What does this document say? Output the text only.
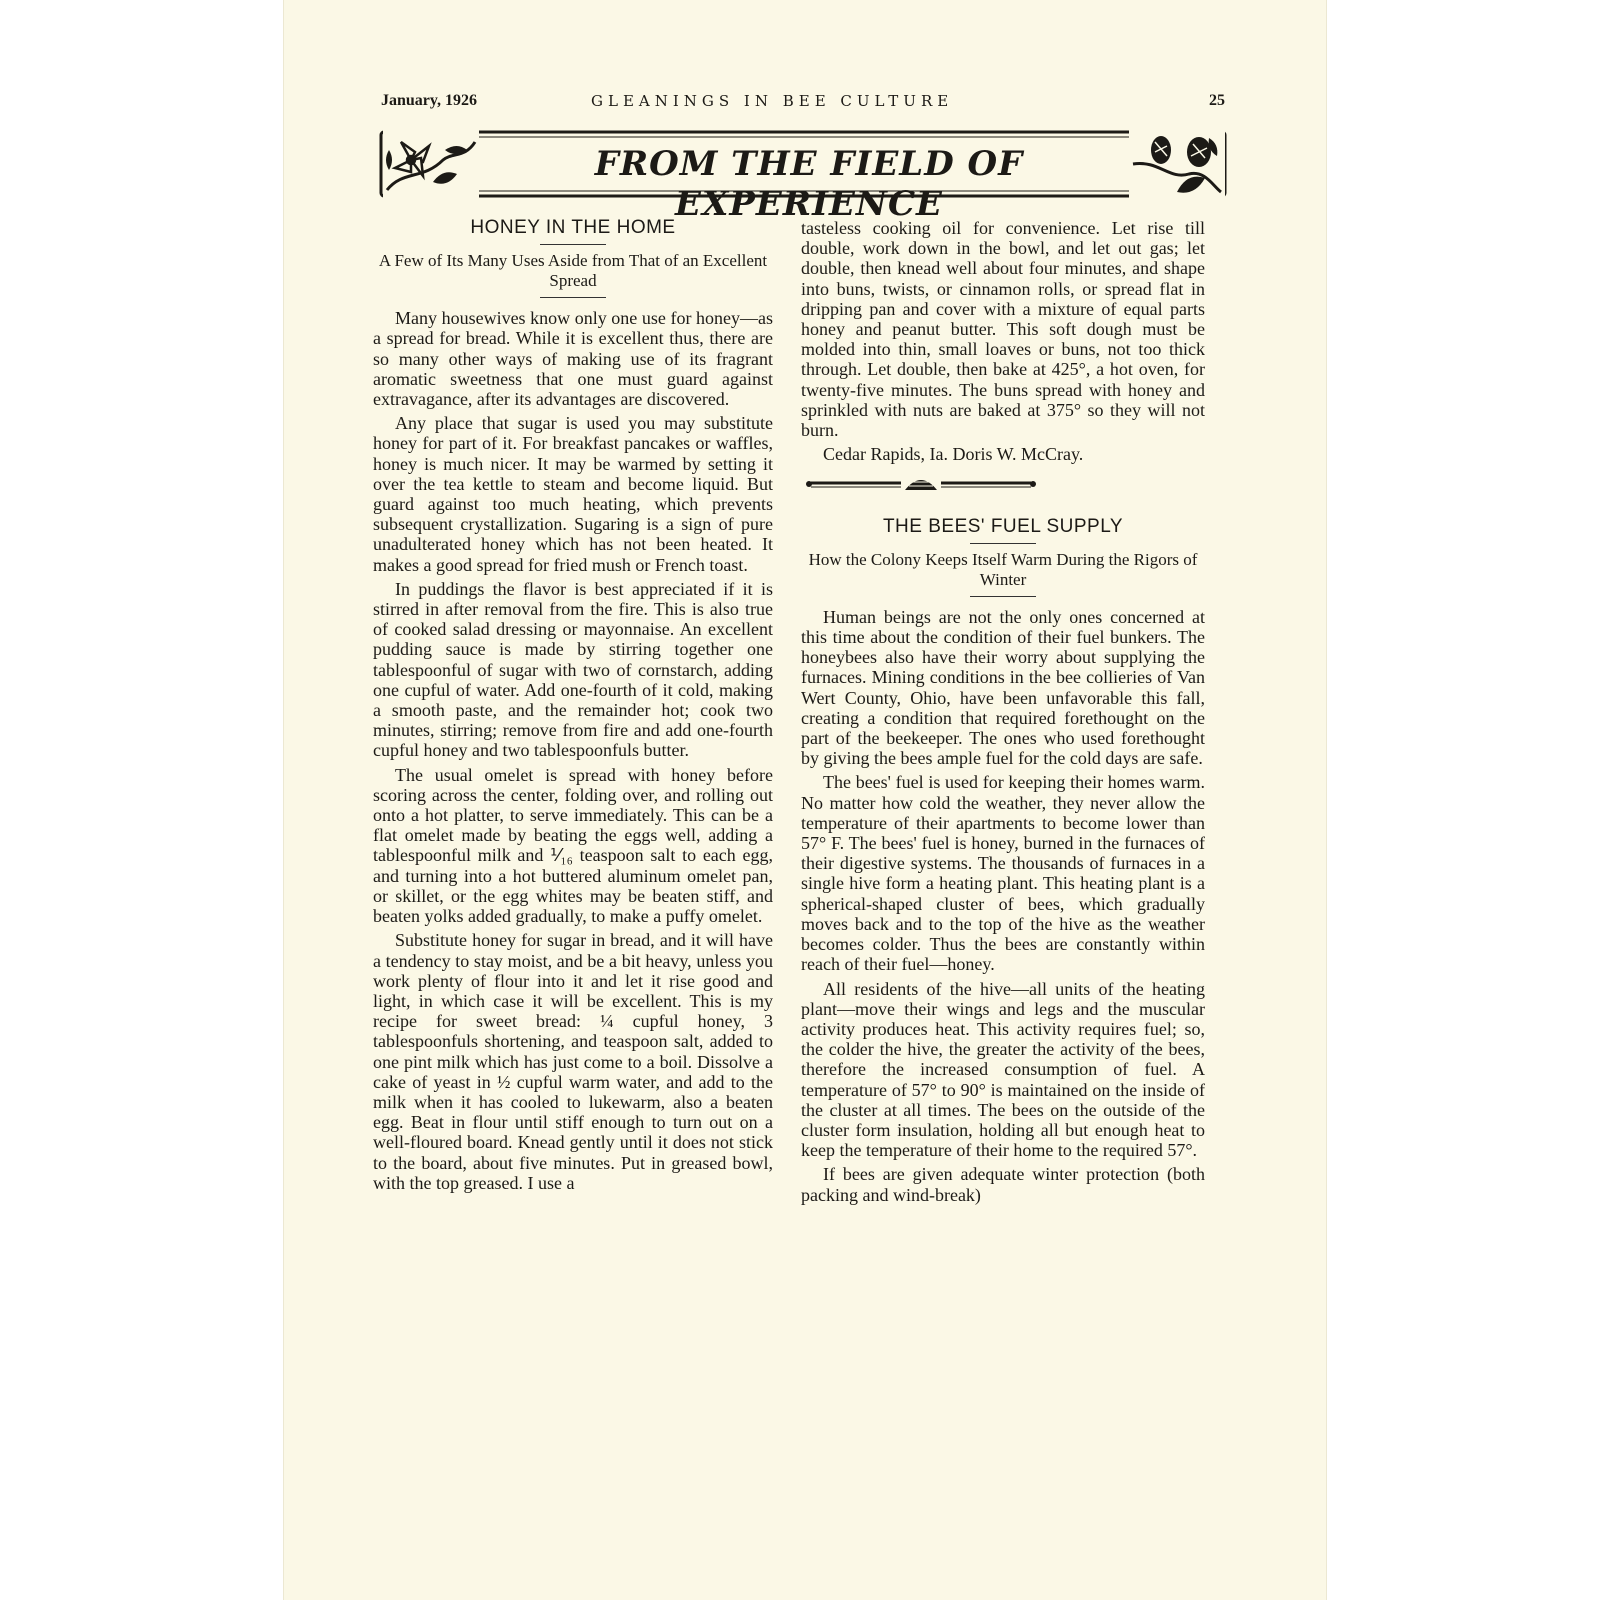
January, 1926	GLEANINGS IN BEE CULTURE	25
FROM THE FIELD OF EXPERIENCE
HONEY IN THE HOME
A Few of Its Many Uses Aside from That of an Excellent Spread

Many housewives know only one use for honey—as a spread for bread. While it is excellent thus, there are so many other ways of making use of its fragrant aromatic sweetness that one must guard against extravagance, after its advantages are discovered.

Any place that sugar is used you may substitute honey for part of it. For breakfast pancakes or waffles, honey is much nicer. It may be warmed by setting it over the tea kettle to steam and become liquid. But guard against too much heating, which prevents subsequent crystallization. Sugaring is a sign of pure unadulterated honey which has not been heated. It makes a good spread for fried mush or French toast.

In puddings the flavor is best appreciated if it is stirred in after removal from the fire. This is also true of cooked salad dressing or mayonnaise. An excellent pudding sauce is made by stirring together one tablespoonful of sugar with two of cornstarch, adding one cupful of water. Add one-fourth of it cold, making a smooth paste, and the remainder hot; cook two minutes, stirring; remove from fire and add one-fourth cupful honey and two tablespoonfuls butter.

The usual omelet is spread with honey before scoring across the center, folding over, and rolling out onto a hot platter, to serve immediately. This can be a flat omelet made by beating the eggs well, adding a tablespoonful milk and ⅟₁₆ teaspoon salt to each egg, and turning into a hot buttered aluminum omelet pan, or skillet, or the egg whites may be beaten stiff, and beaten yolks added gradually, to make a puffy omelet.

Substitute honey for sugar in bread, and it will have a tendency to stay moist, and be a bit heavy, unless you work plenty of flour into it and let it rise good and light, in which case it will be excellent. This is my recipe for sweet bread: ¼ cupful honey, 3 tablespoonfuls shortening, and teaspoon salt, added to one pint milk which has just come to a boil. Dissolve a cake of yeast in ½ cupful warm water, and add to the milk when it has cooled to lukewarm, also a beaten egg. Beat in flour until stiff enough to turn out on a well-floured board. Knead gently until it does not stick to the board, about five minutes. Put in greased bowl, with the top greased. I use a

tasteless cooking oil for convenience. Let rise till double, work down in the bowl, and let out gas; let double, then knead well about four minutes, and shape into buns, twists, or cinnamon rolls, or spread flat in dripping pan and cover with a mixture of equal parts honey and peanut butter. This soft dough must be molded into thin, small loaves or buns, not too thick through. Let double, then bake at 425°, a hot oven, for twenty-five minutes. The buns spread with honey and sprinkled with nuts are baked at 375° so they will not burn.

Cedar Rapids, Ia. Doris W. McCray.

THE BEES' FUEL SUPPLY
How the Colony Keeps Itself Warm During the Rigors of Winter

Human beings are not the only ones concerned at this time about the condition of their fuel bunkers. The honeybees also have their worry about supplying the furnaces. Mining conditions in the bee collieries of Van Wert County, Ohio, have been unfavorable this fall, creating a condition that required forethought on the part of the beekeeper. The ones who used forethought by giving the bees ample fuel for the cold days are safe.

The bees' fuel is used for keeping their homes warm. No matter how cold the weather, they never allow the temperature of their apartments to become lower than 57° F. The bees' fuel is honey, burned in the furnaces of their digestive systems. The thousands of furnaces in a single hive form a heating plant. This heating plant is a spherical-shaped cluster of bees, which gradually moves back and to the top of the hive as the weather becomes colder. Thus the bees are constantly within reach of their fuel—honey.

All residents of the hive—all units of the heating plant—move their wings and legs and the muscular activity produces heat. This activity requires fuel; so, the colder the hive, the greater the activity of the bees, therefore the increased consumption of fuel. A temperature of 57° to 90° is maintained on the inside of the cluster at all times. The bees on the outside of the cluster form insulation, holding all but enough heat to keep the temperature of their home to the required 57°.

If bees are given adequate winter protection (both packing and wind-break)
